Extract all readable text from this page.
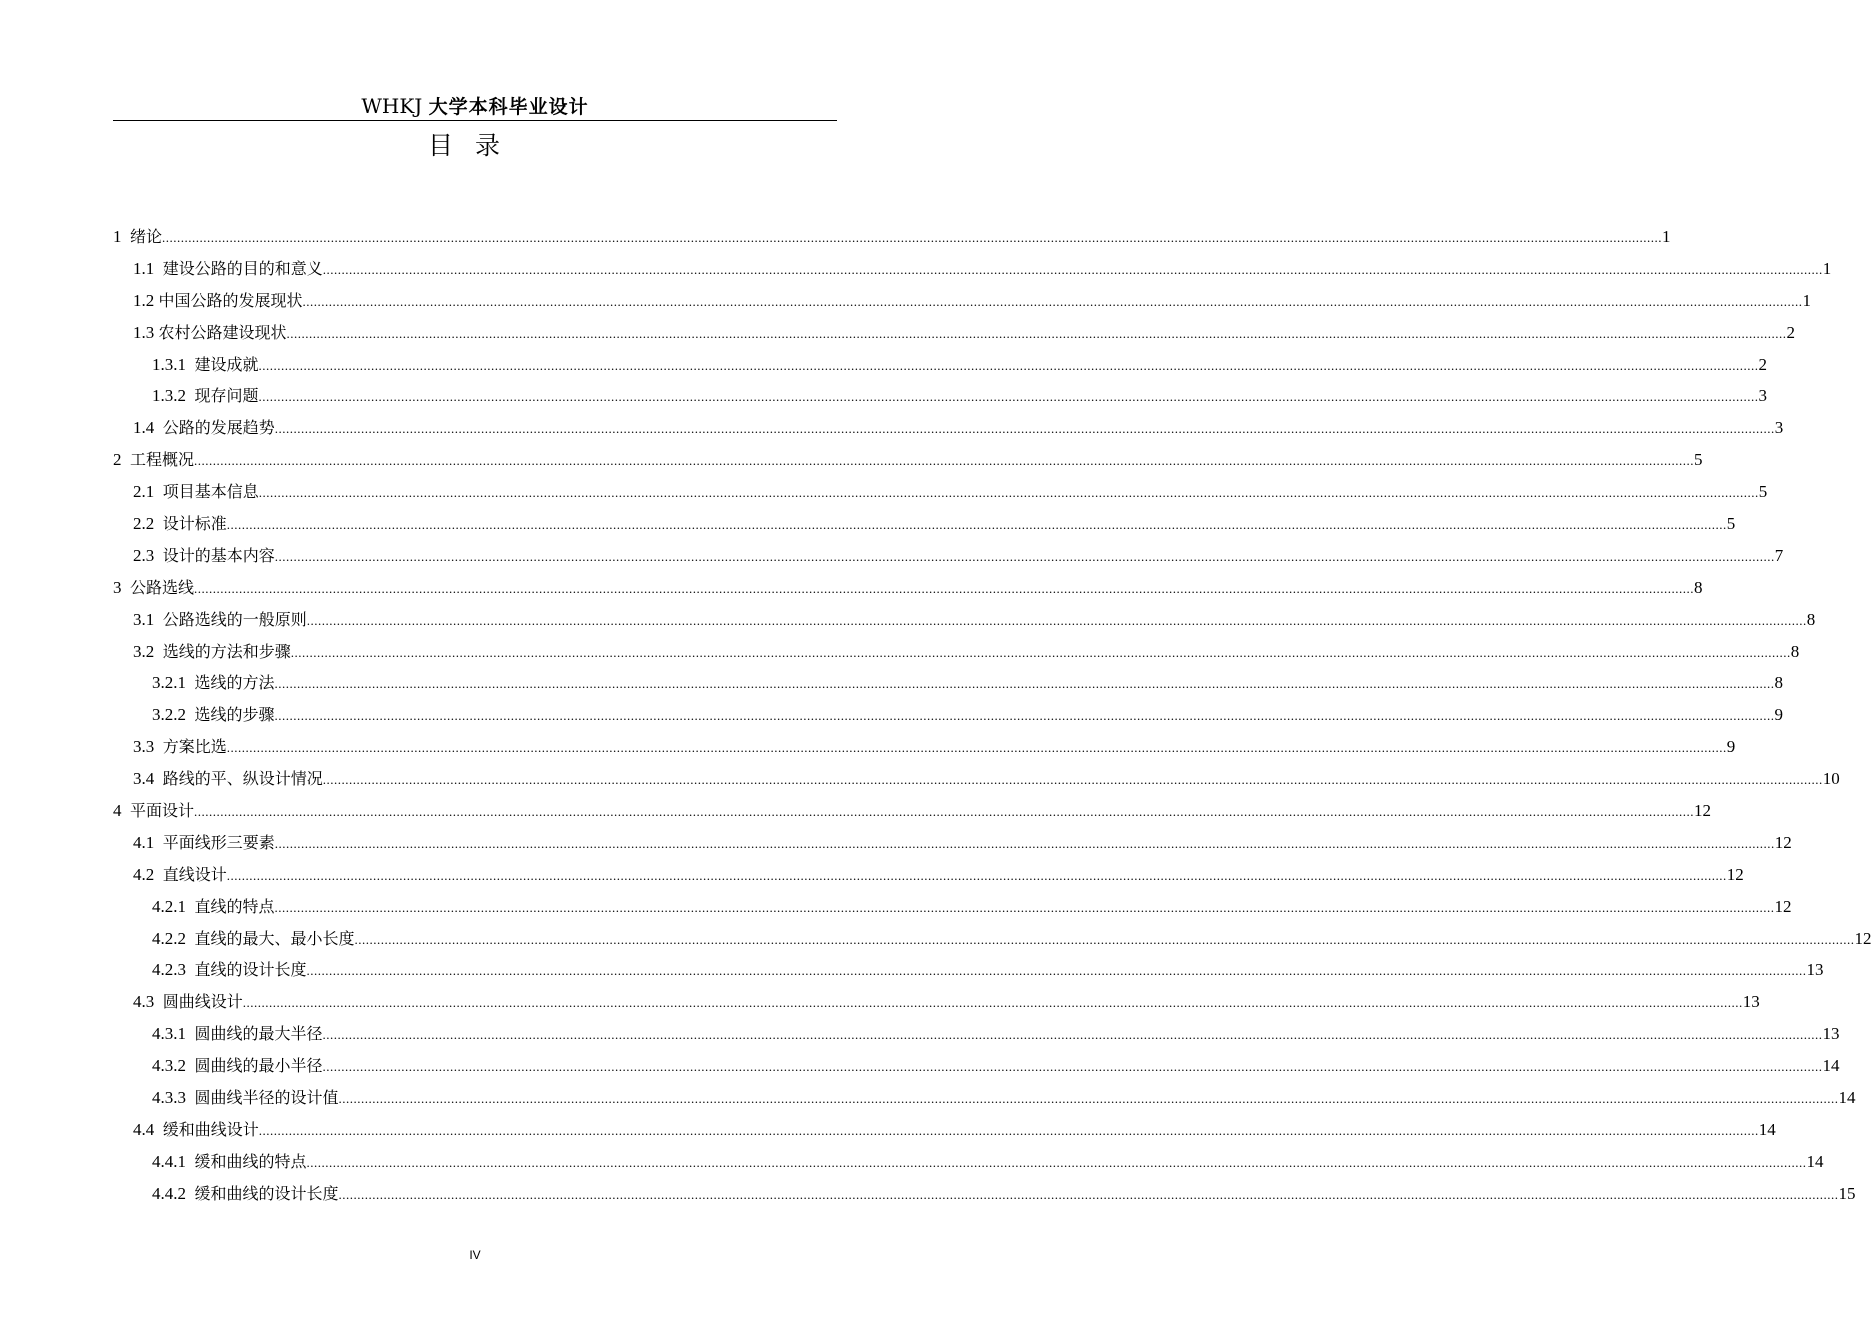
WHKJ 大学本科毕业设计
目录
1 绪论 ................................................................................................................................................................................................................................................................................................................................................................................................................ 1
1.1 建设公路的目的和意义 ................................................................................................................................................................................................................................................................................................................................................................................................................ 1
1.2 中国公路的发展现状 ................................................................................................................................................................................................................................................................................................................................................................................................................ 1
1.3 农村公路建设现状 ................................................................................................................................................................................................................................................................................................................................................................................................................ 2
1.3.1 建设成就 ................................................................................................................................................................................................................................................................................................................................................................................................................ 2
1.3.2 现存问题 ................................................................................................................................................................................................................................................................................................................................................................................................................ 3
1.4 公路的发展趋势 ................................................................................................................................................................................................................................................................................................................................................................................................................ 3
2 工程概况 ................................................................................................................................................................................................................................................................................................................................................................................................................ 5
2.1 项目基本信息 ................................................................................................................................................................................................................................................................................................................................................................................................................ 5
2.2 设计标准 ................................................................................................................................................................................................................................................................................................................................................................................................................ 5
2.3 设计的基本内容 ................................................................................................................................................................................................................................................................................................................................................................................................................ 7
3 公路选线 ................................................................................................................................................................................................................................................................................................................................................................................................................ 8
3.1 公路选线的一般原则 ................................................................................................................................................................................................................................................................................................................................................................................................................ 8
3.2 选线的方法和步骤 ................................................................................................................................................................................................................................................................................................................................................................................................................ 8
3.2.1 选线的方法 ................................................................................................................................................................................................................................................................................................................................................................................................................ 8
3.2.2 选线的步骤 ................................................................................................................................................................................................................................................................................................................................................................................................................ 9
3.3 方案比选 ................................................................................................................................................................................................................................................................................................................................................................................................................ 9
3.4 路线的平、纵设计情况 ................................................................................................................................................................................................................................................................................................................................................................................................................ 10
4 平面设计 ................................................................................................................................................................................................................................................................................................................................................................................................................ 12
4.1 平面线形三要素 ................................................................................................................................................................................................................................................................................................................................................................................................................ 12
4.2 直线设计 ................................................................................................................................................................................................................................................................................................................................................................................................................ 12
4.2.1 直线的特点 ................................................................................................................................................................................................................................................................................................................................................................................................................ 12
4.2.2 直线的最大、最小长度 ................................................................................................................................................................................................................................................................................................................................................................................................................ 12
4.2.3 直线的设计长度 ................................................................................................................................................................................................................................................................................................................................................................................................................ 13
4.3 圆曲线设计 ................................................................................................................................................................................................................................................................................................................................................................................................................ 13
4.3.1 圆曲线的最大半径 ................................................................................................................................................................................................................................................................................................................................................................................................................ 13
4.3.2 圆曲线的最小半径 ................................................................................................................................................................................................................................................................................................................................................................................................................ 14
4.3.3 圆曲线半径的设计值 ................................................................................................................................................................................................................................................................................................................................................................................................................ 14
4.4 缓和曲线设计 ................................................................................................................................................................................................................................................................................................................................................................................................................ 14
4.4.1 缓和曲线的特点 ................................................................................................................................................................................................................................................................................................................................................................................................................ 14
4.4.2 缓和曲线的设计长度 ................................................................................................................................................................................................................................................................................................................................................................................................................ 15
IV
